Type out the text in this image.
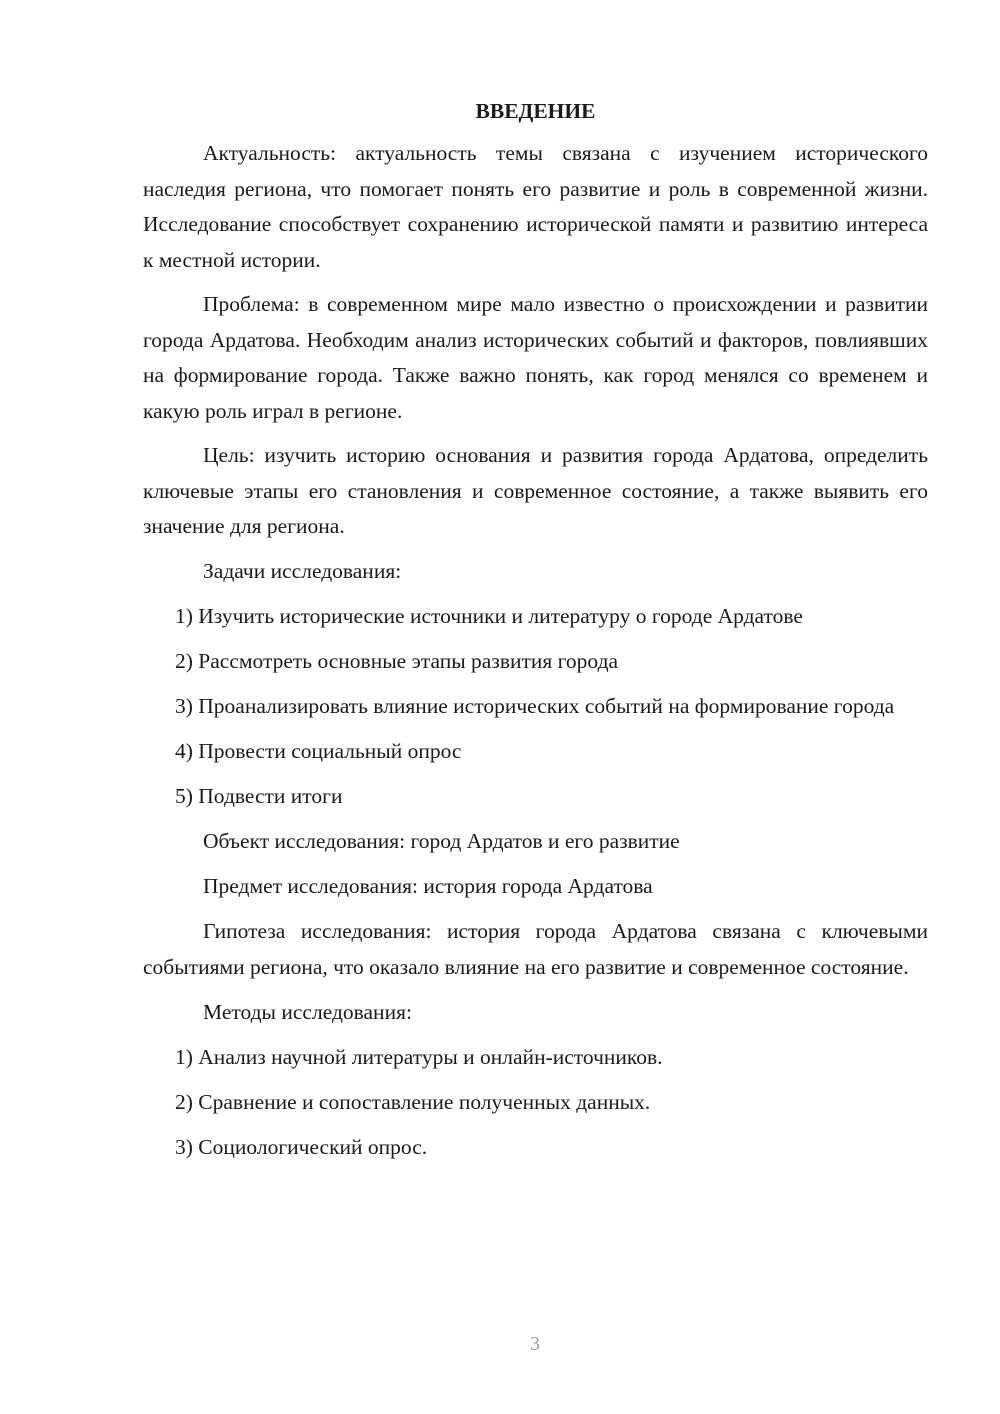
ВВЕДЕНИЕ

Актуальность: актуальность темы связана с изучением исторического наследия региона, что помогает понять его развитие и роль в современной жизни. Исследование способствует сохранению исторической памяти и развитию интереса к местной истории.

Проблема: в современном мире мало известно о происхождении и развитии города Ардатова. Необходим анализ исторических событий и факторов, повлиявших на формирование города. Также важно понять, как город менялся со временем и какую роль играл в регионе.

Цель: изучить историю основания и развития города Ардатова, определить ключевые этапы его становления и современное состояние, а также выявить его значение для региона.

Задачи исследования:

1) Изучить исторические источники и литературу о городе Ардатове

2) Рассмотреть основные этапы развития города

3) Проанализировать влияние исторических событий на формирование города

4) Провести социальный опрос

5) Подвести итоги

Объект исследования: город Ардатов и его развитие

Предмет исследования: история города Ардатова

Гипотеза исследования: история города Ардатова связана с ключевыми событиями региона, что оказало влияние на его развитие и современное состояние.

Методы исследования:

1) Анализ научной литературы и онлайн-источников.

2) Сравнение и сопоставление полученных данных.

3) Социологический опрос.

3
